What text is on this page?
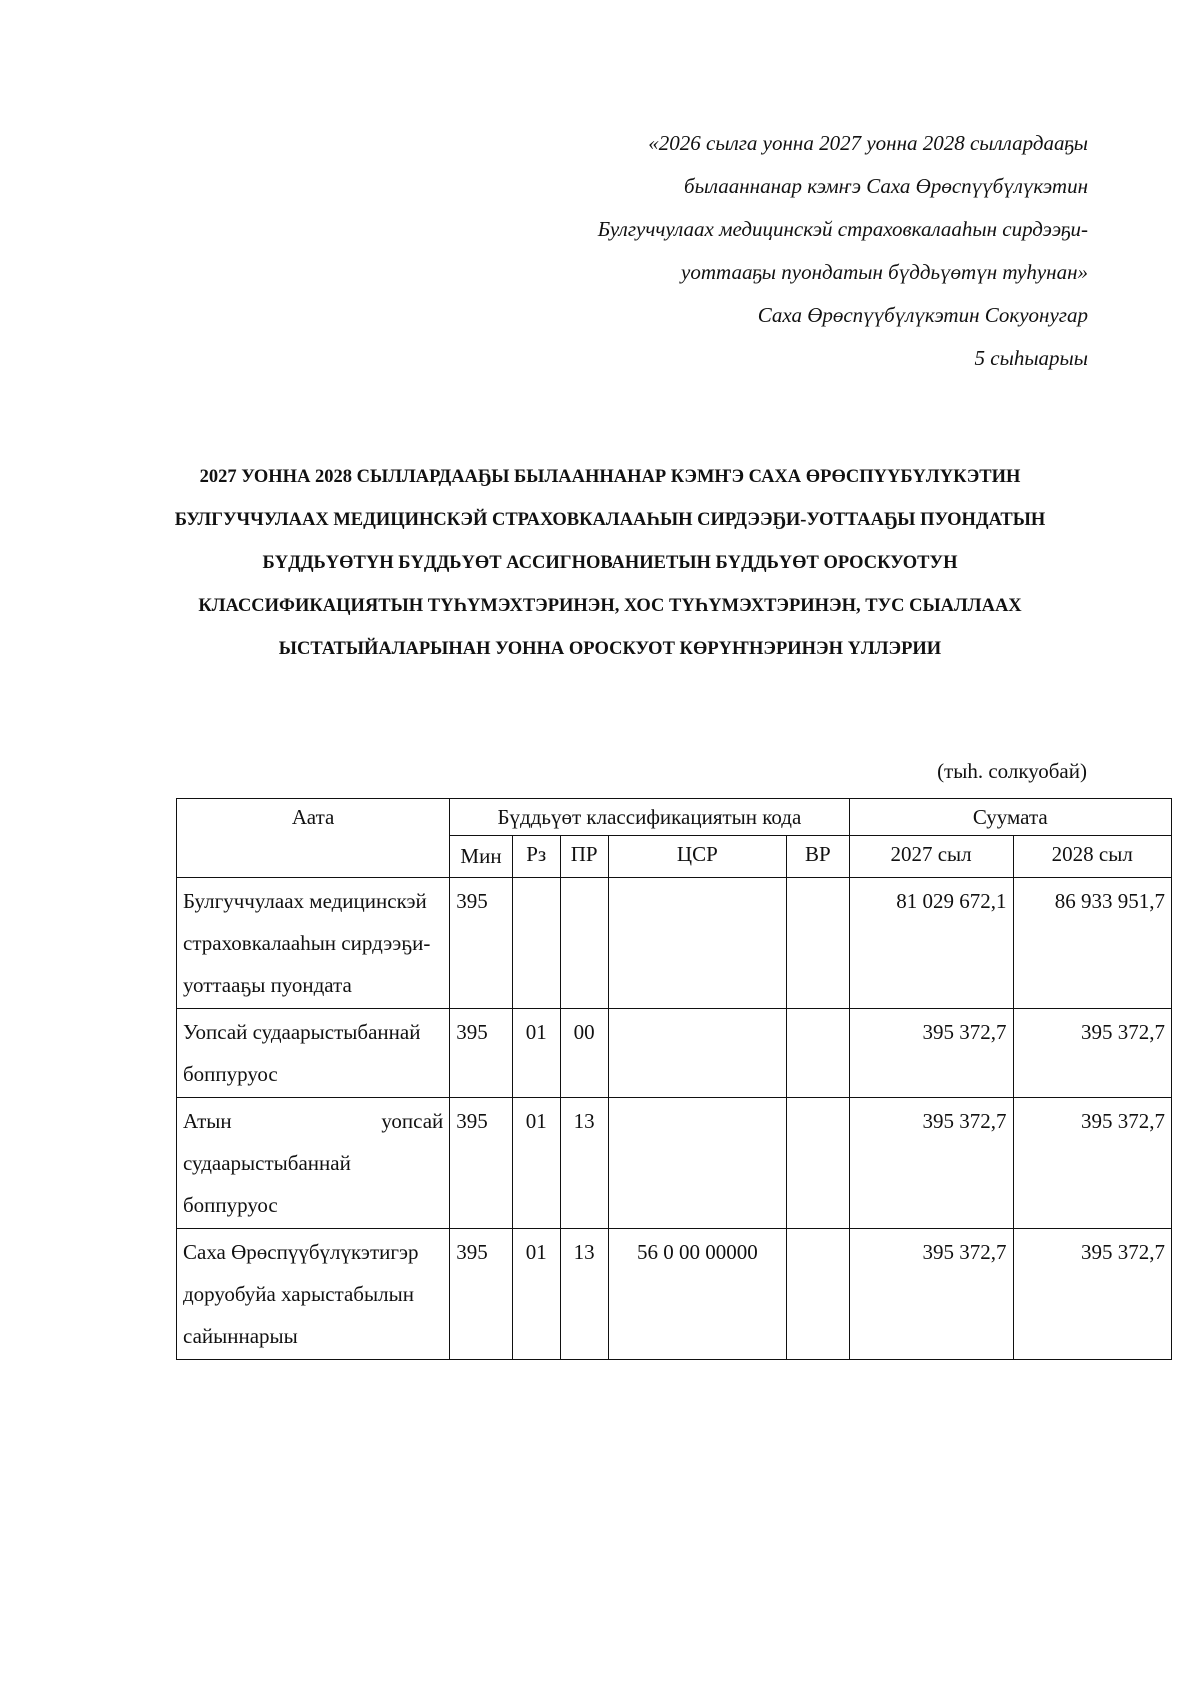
«2026 сылга уонна 2027 уонна 2028 сыллардааҕы
былааннанар кэмҥэ Саха Өрөспүүбүлүкэтин
Булгуччулаах медицинскэй страховкалааһын сирдээҕи-
уоттааҕы пуондатын бүддьүөтүн туһунан»
Саха Өрөспүүбүлүкэтин Сокуонугар
5 сыһыарыы
2027 УОННА 2028 СЫЛЛАРДААҔЫ БЫЛААННАНАР КЭМҤЭ САХА ӨРӨСПҮҮБҮЛҮКЭТИН
БУЛГУЧЧУЛААХ МЕДИЦИНСКЭЙ СТРАХОВКАЛААҺЫН СИРДЭЭҔИ-УОТТААҔЫ ПУОНДАТЫН
БҮДДЬҮӨТҮН БҮДДЬҮӨТ АССИГНОВАНИЕТЫН БҮДДЬҮӨТ ОРОСКУОТУН
КЛАССИФИКАЦИЯТЫН ТҮҺҮМЭХТЭРИНЭН, ХОС ТҮҺҮМЭХТЭРИНЭН, ТУС СЫАЛЛААХ
ЫСТАТЫЙАЛАРЫНАН УОННА ОРОСКУОТ КӨРҮҤНЭРИНЭН ҮЛЛЭРИИ
(тыһ. солкуобай)
Аата	Бүддьүөт классификациятын кода					Суумата	
	Мин	Рз	ПР	ЦСР	ВР	2027 сыл	2028 сыл
Булгуччулаах медицинскэй страховкалааһын сирдээҕи-уоттааҕы пуондата	395					81 029 672,1	86 933 951,7
Уопсай судаарыстыбаннай боппуруос	395	01	00			395 372,7	395 372,7

Атын уопсай
судаарыстыбаннай боппуруос	395	01	13			395 372,7	395 372,7
Саха Өрөспүүбүлүкэтигэр доруобуйа харыстабылын сайыннарыы	395	01	13	56 0 00 00000		395 372,7	395 372,7
